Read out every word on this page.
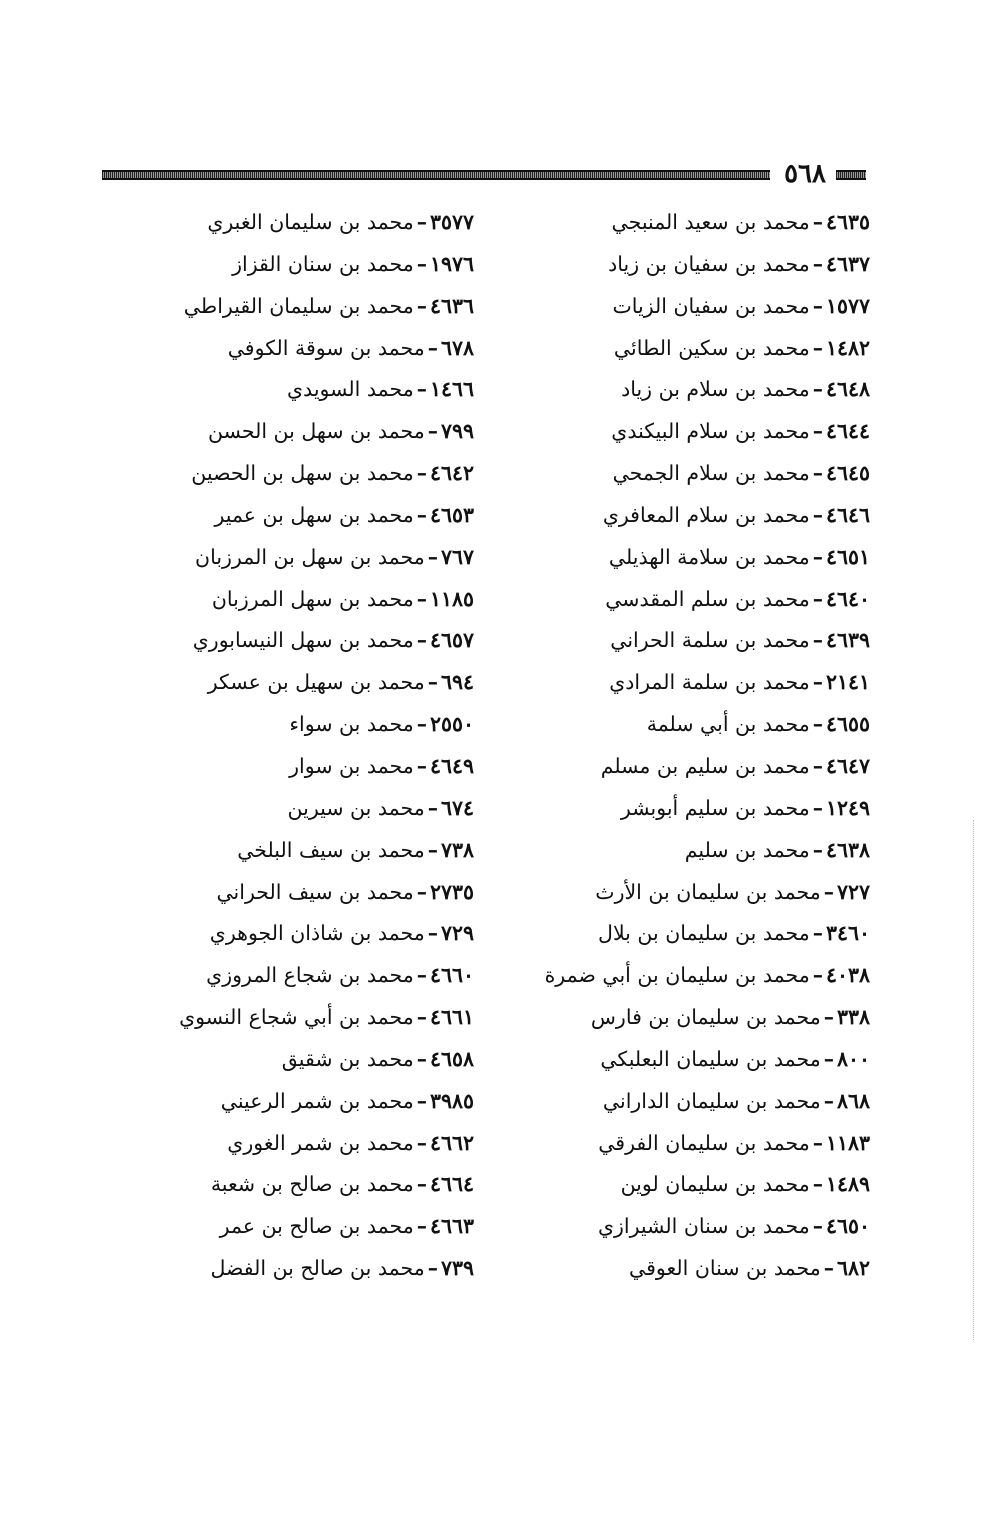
٥٦٨
٤٦٣٥–محمد بن سعيد المنبجي
٤٦٣٧–محمد بن سفيان بن زياد
١٥٧٧–محمد بن سفيان الزيات
١٤٨٢–محمد بن سكين الطائي
٤٦٤٨–محمد بن سلام بن زياد
٤٦٤٤–محمد بن سلام البيكندي
٤٦٤٥–محمد بن سلام الجمحي
٤٦٤٦–محمد بن سلام المعافري
٤٦٥١–محمد بن سلامة الهذيلي
٤٦٤٠–محمد بن سلم المقدسي
٤٦٣٩–محمد بن سلمة الحراني
٢١٤١–محمد بن سلمة المرادي
٤٦٥٥–محمد بن أبي سلمة
٤٦٤٧–محمد بن سليم بن مسلم
١٢٤٩–محمد بن سليم أبوبشر
٤٦٣٨–محمد بن سليم
٧٢٧–محمد بن سليمان بن الأرث
٣٤٦٠–محمد بن سليمان بن بلال
٤٠٣٨–محمد بن سليمان بن أبي ضمرة
٣٣٨–محمد بن سليمان بن فارس
٨٠٠–محمد بن سليمان البعلبكي
٨٦٨–محمد بن سليمان الداراني
١١٨٣–محمد بن سليمان الفرقي
١٤٨٩–محمد بن سليمان لوين
٤٦٥٠–محمد بن سنان الشيرازي
٦٨٢–محمد بن سنان العوقي
٣٥٧٧–محمد بن سليمان الغبري
١٩٧٦–محمد بن سنان القزاز
٤٦٣٦–محمد بن سليمان القيراطي
٦٧٨–محمد بن سوقة الكوفي
١٤٦٦–محمد السويدي
٧٩٩–محمد بن سهل بن الحسن
٤٦٤٢–محمد بن سهل بن الحصين
٤٦٥٣–محمد بن سهل بن عمير
٧٦٧–محمد بن سهل بن المرزبان
١١٨٥–محمد بن سهل المرزبان
٤٦٥٧–محمد بن سهل النيسابوري
٦٩٤–محمد بن سهيل بن عسكر
٢٥٥٠–محمد بن سواء
٤٦٤٩–محمد بن سوار
٦٧٤–محمد بن سيرين
٧٣٨–محمد بن سيف البلخي
٢٧٣٥–محمد بن سيف الحراني
٧٢٩–محمد بن شاذان الجوهري
٤٦٦٠–محمد بن شجاع المروزي
٤٦٦١–محمد بن أبي شجاع النسوي
٤٦٥٨–محمد بن شقيق
٣٩٨٥–محمد بن شمر الرعيني
٤٦٦٢–محمد بن شمر الغوري
٤٦٦٤–محمد بن صالح بن شعبة
٤٦٦٣–محمد بن صالح بن عمر
٧٣٩–محمد بن صالح بن الفضل
